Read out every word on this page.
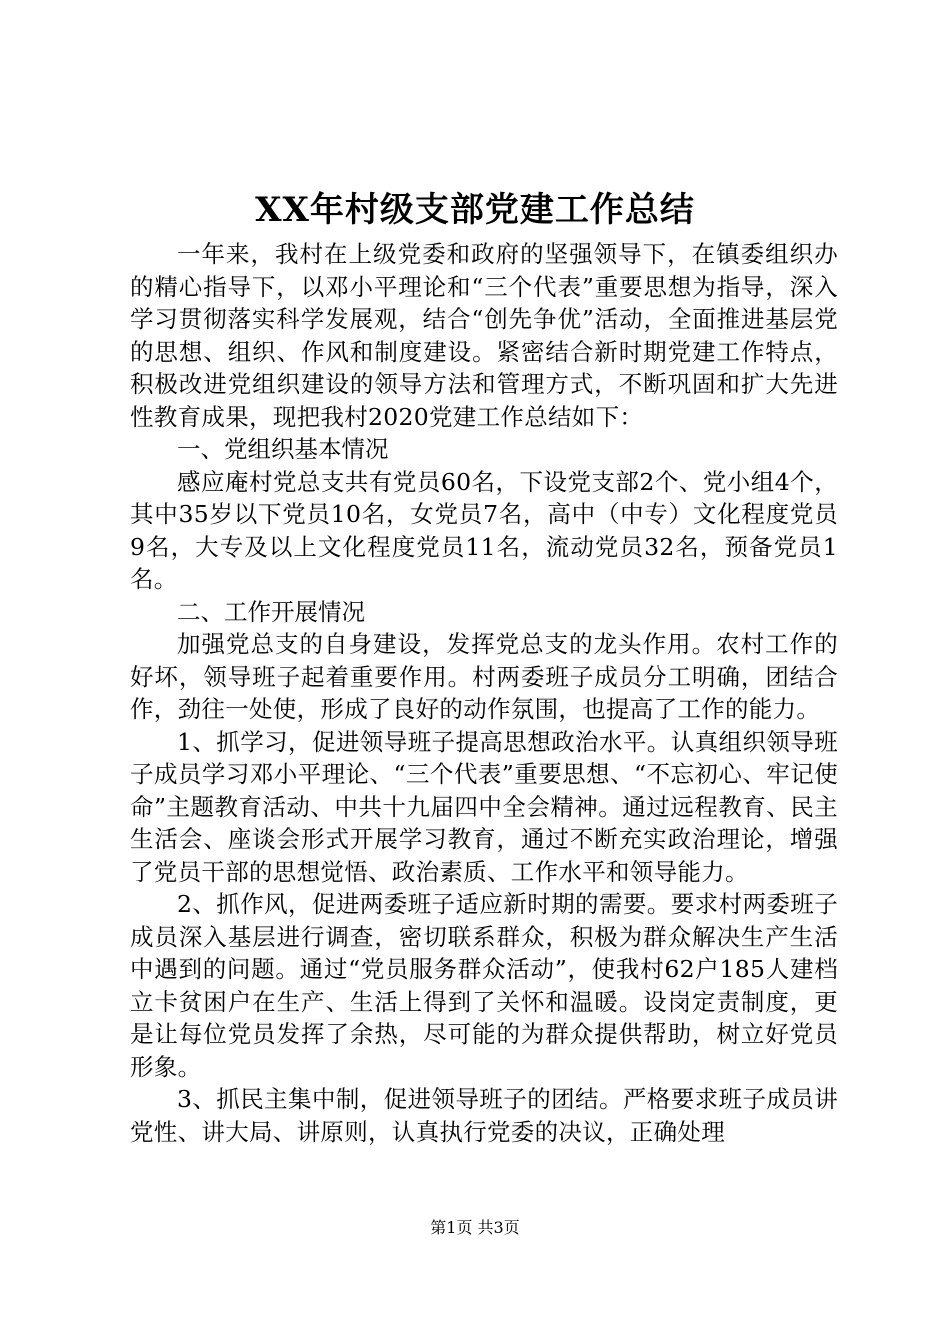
XX年村级支部党建工作总结

一年来，我村在上级党委和政府的坚强领导下，在镇委组织办的精心指导下，以邓小平理论和“三个代表”重要思想为指导，深入学习贯彻落实科学发展观，结合“创先争优”活动，全面推进基层党的思想、组织、作风和制度建设。紧密结合新时期党建工作特点，积极改进党组织建设的领导方法和管理方式，不断巩固和扩大先进性教育成果，现把我村2020党建工作总结如下：

一、党组织基本情况

感应庵村党总支共有党员60名，下设党支部2个、党小组4个，其中35岁以下党员10名，女党员7名，高中（中专）文化程度党员9名，大专及以上文化程度党员11名，流动党员32名，预备党员1名。

二、工作开展情况

加强党总支的自身建设，发挥党总支的龙头作用。农村工作的好坏，领导班子起着重要作用。村两委班子成员分工明确，团结合作，劲往一处使，形成了良好的动作氛围，也提高了工作的能力。

1、抓学习，促进领导班子提高思想政治水平。认真组织领导班子成员学习邓小平理论、“三个代表”重要思想、“不忘初心、牢记使命”主题教育活动、中共十九届四中全会精神。通过远程教育、民主生活会、座谈会形式开展学习教育，通过不断充实政治理论，增强了党员干部的思想觉悟、政治素质、工作水平和领导能力。

2、抓作风，促进两委班子适应新时期的需要。要求村两委班子成员深入基层进行调查，密切联系群众，积极为群众解决生产生活中遇到的问题。通过“党员服务群众活动”，使我村62户185人建档立卡贫困户在生产、生活上得到了关怀和温暖。设岗定责制度，更是让每位党员发挥了余热，尽可能的为群众提供帮助，树立好党员形象。

3、抓民主集中制，促进领导班子的团结。严格要求班子成员讲党性、讲大局、讲原则，认真执行党委的决议，正确处理

第1页 共3页
